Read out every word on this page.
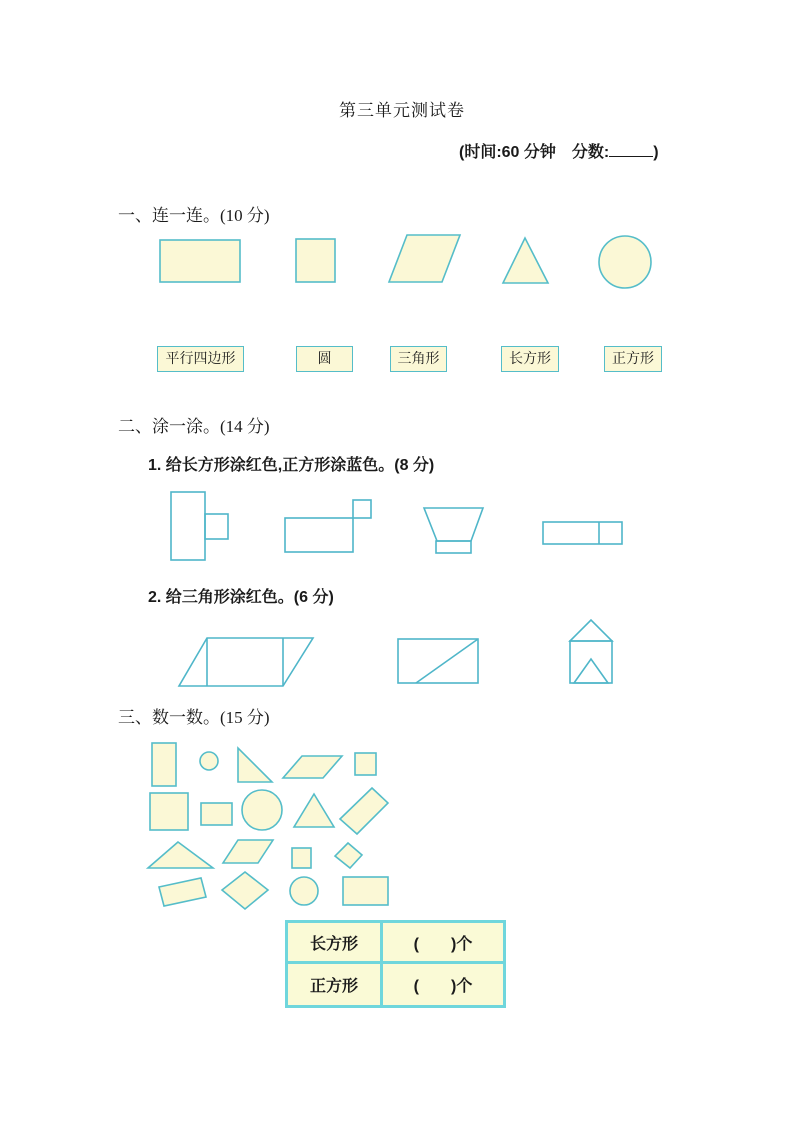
第三单元测试卷
(时间:60 分钟　分数:	)
一、连一连。(10 分)
二、涂一涂。(14 分)
1. 给长方形涂红色,正方形涂蓝色。(8 分)
2. 给三角形涂红色。(6 分)
三、数一数。(15 分)
平行四边形	圆	三角形	长方形	正方形
长方形	(　　)个
正方形	(　　)个
